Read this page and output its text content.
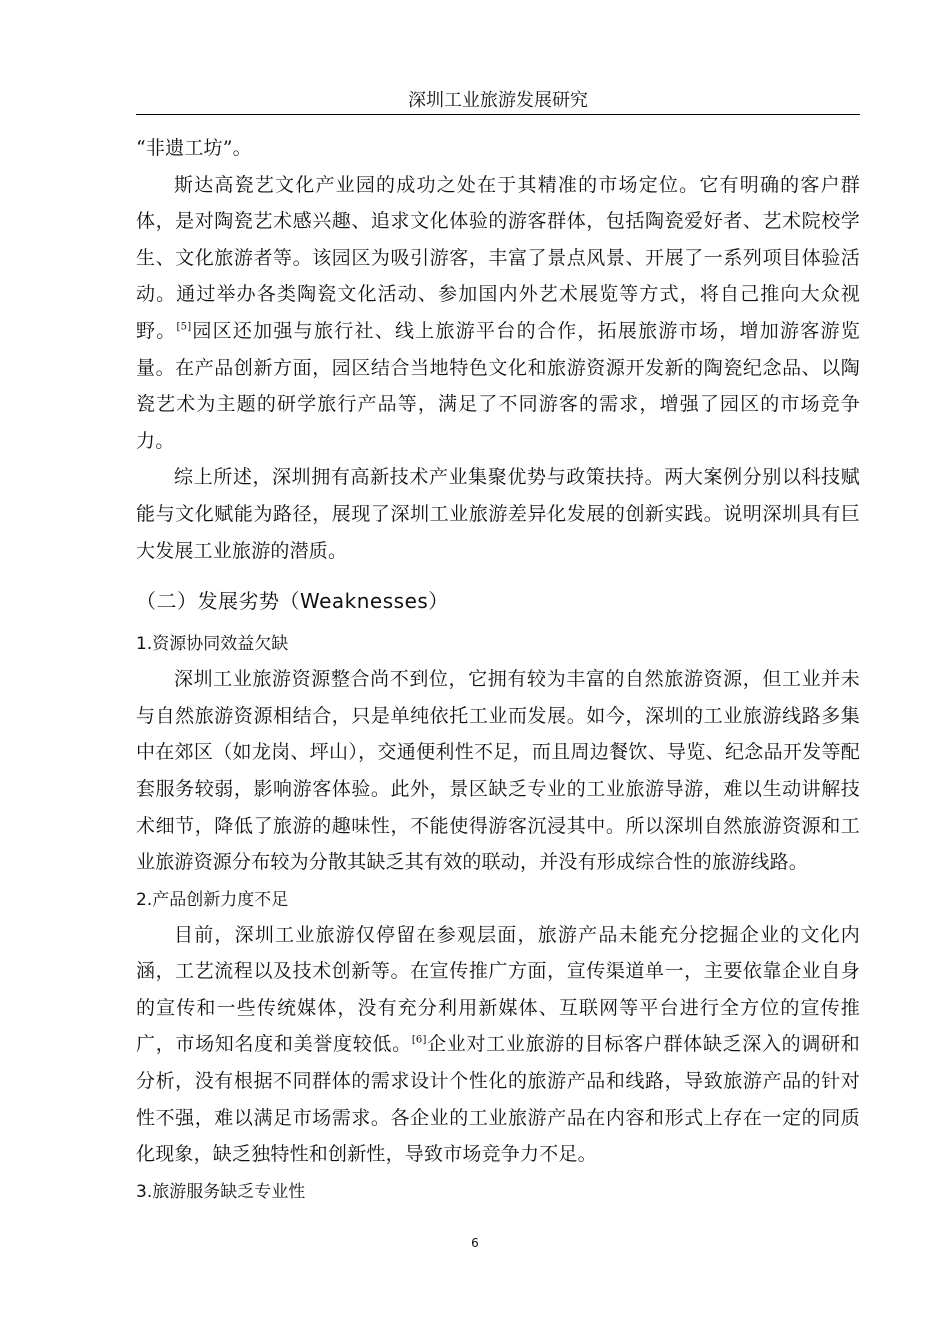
深圳工业旅游发展研究

“非遗工坊”。

斯达高瓷艺文化产业园的成功之处在于其精准的市场定位。它有明确的客户群体，是对陶瓷艺术感兴趣、追求文化体验的游客群体，包括陶瓷爱好者、艺术院校学生、文化旅游者等。该园区为吸引游客，丰富了景点风景、开展了一系列项目体验活动。通过举办各类陶瓷文化活动、参加国内外艺术展览等方式，将自己推向大众视野。[5]园区还加强与旅行社、线上旅游平台的合作，拓展旅游市场，增加游客游览量。在产品创新方面，园区结合当地特色文化和旅游资源开发新的陶瓷纪念品、以陶瓷艺术为主题的研学旅行产品等，满足了不同游客的需求，增强了园区的市场竞争力。

综上所述，深圳拥有高新技术产业集聚优势与政策扶持。两大案例分别以科技赋能与文化赋能为路径，展现了深圳工业旅游差异化发展的创新实践。说明深圳具有巨大发展工业旅游的潜质。

（二）发展劣势（Weaknesses）
1.资源协同效益欠缺

深圳工业旅游资源整合尚不到位，它拥有较为丰富的自然旅游资源，但工业并未与自然旅游资源相结合，只是单纯依托工业而发展。如今，深圳的工业旅游线路多集中在郊区（如龙岗、坪山），交通便利性不足，而且周边餐饮、导览、纪念品开发等配套服务较弱，影响游客体验。此外，景区缺乏专业的工业旅游导游，难以生动讲解技术细节，降低了旅游的趣味性，不能使得游客沉浸其中。所以深圳自然旅游资源和工业旅游资源分布较为分散其缺乏其有效的联动，并没有形成综合性的旅游线路。

2.产品创新力度不足

目前，深圳工业旅游仅停留在参观层面，旅游产品未能充分挖掘企业的文化内涵，工艺流程以及技术创新等。在宣传推广方面，宣传渠道单一，主要依靠企业自身的宣传和一些传统媒体，没有充分利用新媒体、互联网等平台进行全方位的宣传推广，市场知名度和美誉度较低。[6]企业对工业旅游的目标客户群体缺乏深入的调研和分析，没有根据不同群体的需求设计个性化的旅游产品和线路，导致旅游产品的针对性不强，难以满足市场需求。各企业的工业旅游产品在内容和形式上存在一定的同质化现象，缺乏独特性和创新性，导致市场竞争力不足。

3.旅游服务缺乏专业性
6
